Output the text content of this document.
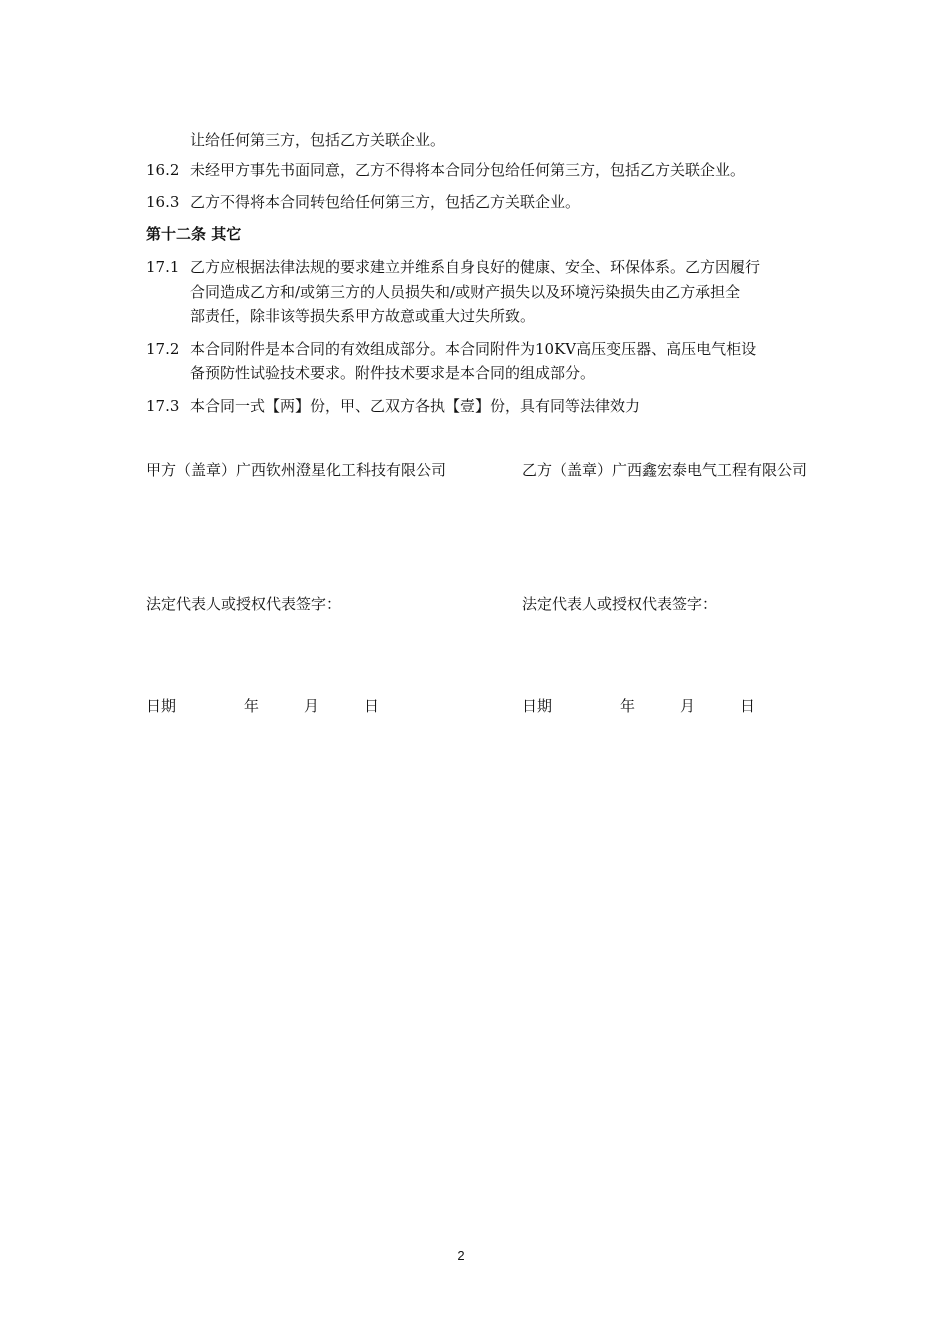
让给任何第三方，包括乙方关联企业。
16.2 未经甲方事先书面同意，乙方不得将本合同分包给任何第三方，包括乙方关联企业。
16.3 乙方不得将本合同转包给任何第三方，包括乙方关联企业。
第十二条 其它
17.1 乙方应根据法律法规的要求建立并维系自身良好的健康、安全、环保体系。乙方因履行
合同造成乙方和/或第三方的人员损失和/或财产损失以及环境污染损失由乙方承担全
部责任，除非该等损失系甲方故意或重大过失所致。
17.2 本合同附件是本合同的有效组成部分。本合同附件为10KV高压变压器、高压电气柜设
备预防性试验技术要求。附件技术要求是本合同的组成部分。
17.3 本合同一式【两】份，甲、乙双方各执【壹】份，具有同等法律效力
甲方（盖章）广西钦州澄星化工科技有限公司	乙方（盖章）广西鑫宏泰电气工程有限公司
法定代表人或授权代表签字：	法定代表人或授权代表签字：
日期	年	月	日	日期	年	月	日
2
